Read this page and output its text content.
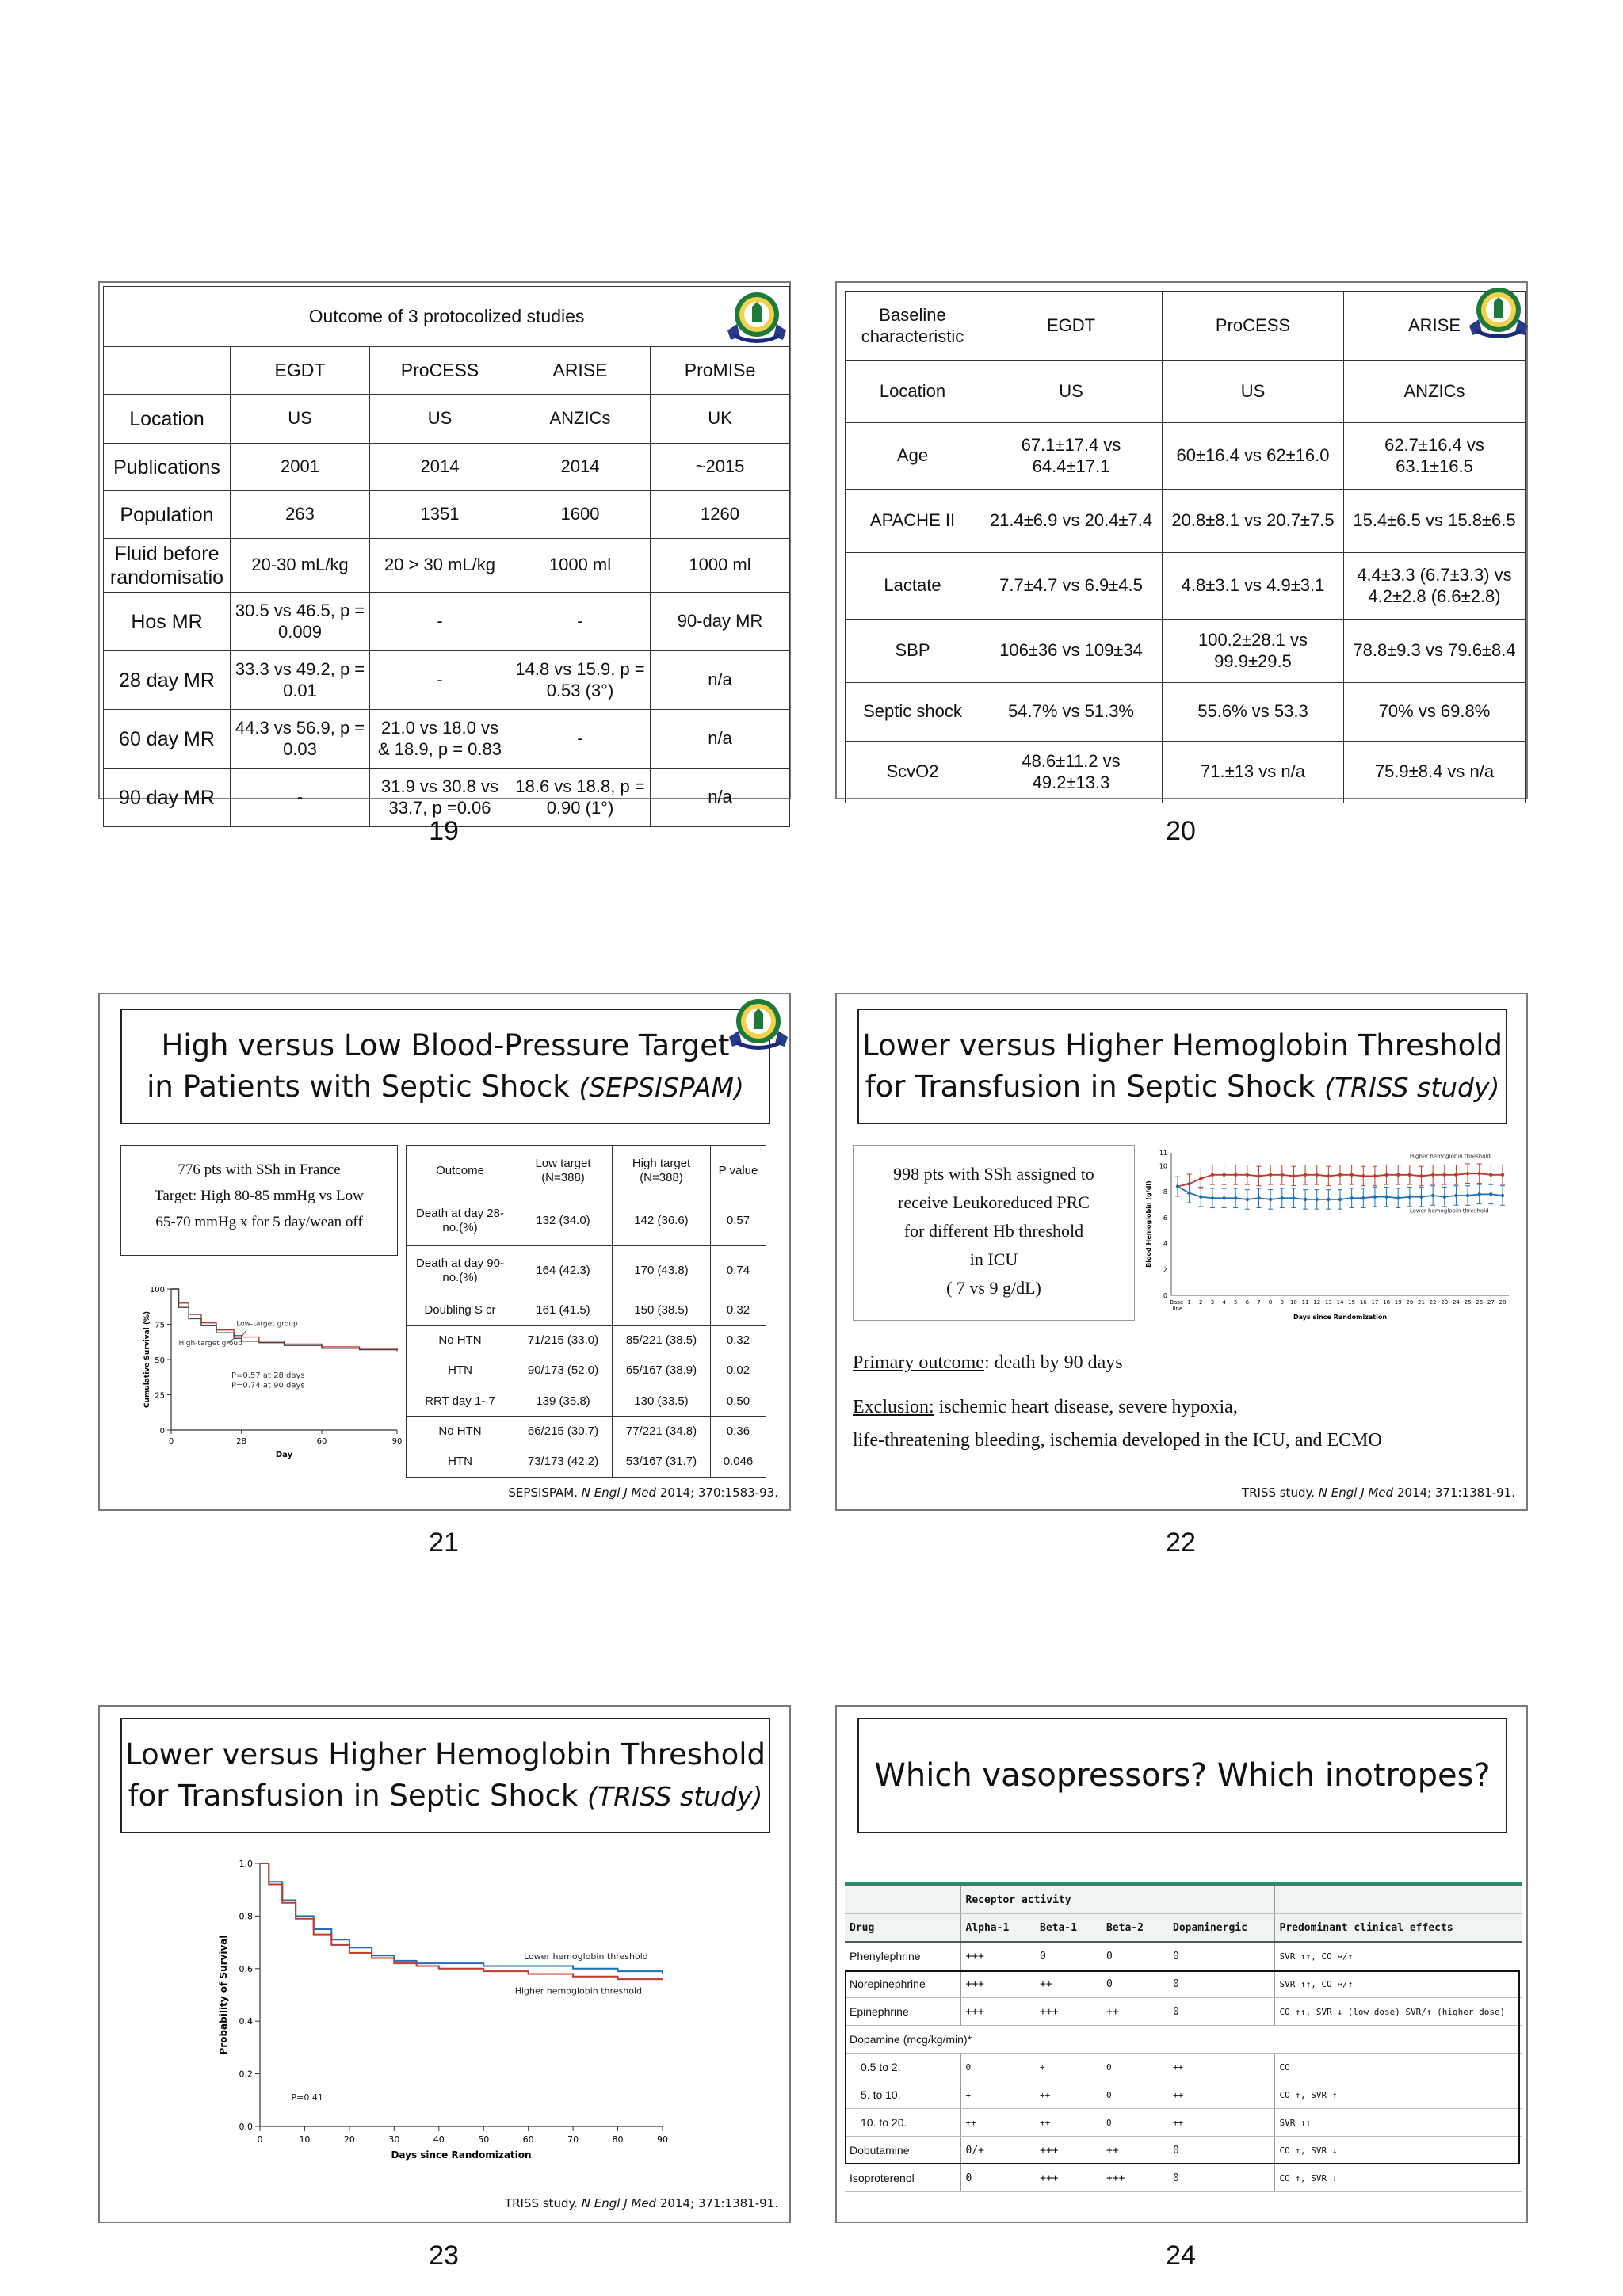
Outcome of 3 protocolized studies				
	EGDT	ProCESS	ARISE	ProMISe
Location	US	US	ANZICs	UK
Publications	2001	2014	2014	~2015
Population	263	1351	1600	1260
Fluid before randomisatio	20-30 mL/kg	20 > 30 mL/kg	1000 ml	1000 ml
Hos MR	30.5 vs 46.5, p = 0.009	-	-	90-day MR
28 day MR	33.3 vs 49.2, p = 0.01	-	14.8 vs 15.9, p = 0.53 (3°)	n/a
60 day MR	44.3 vs 56.9, p = 0.03	21.0 vs 18.0 vs & 18.9, p = 0.83	-	n/a
90 day MR	-	31.9 vs 30.8 vs 33.7, p =0.06	18.6 vs 18.8, p = 0.90 (1°)	n/a
19
Baseline characteristic	EGDT	ProCESS	ARISE
Location	US	US	ANZICs
Age	67.1±17.4 vs 64.4±17.1	60±16.4 vs 62±16.0	62.7±16.4 vs 63.1±16.5
APACHE II	21.4±6.9 vs 20.4±7.4	20.8±8.1 vs 20.7±7.5	15.4±6.5 vs 15.8±6.5
Lactate	7.7±4.7 vs 6.9±4.5	4.8±3.1 vs 4.9±3.1	4.4±3.3 (6.7±3.3) vs 4.2±2.8 (6.6±2.8)
SBP	106±36 vs 109±34	100.2±28.1 vs 99.9±29.5	78.8±9.3 vs 79.6±8.4
Septic shock	54.7% vs 51.3%	55.6% vs 53.3	70% vs 69.8%
ScvO2	48.6±11.2 vs 49.2±13.3	71.±13 vs n/a	75.9±8.4 vs n/a
20
High versus Low Blood-Pressure Target
in Patients with Septic Shock (SEPSISPAM)
776 pts with SSh in France
Target: High 80-85 mmHg vs Low
65-70 mmHg x for 5 day/wean off
0
25
50
75
100
0	28	60	90
Day
Cumulative Survival (%)	Low-target group
High-target group
P=0.57 at 28 days
P=0.74 at 90 days
Outcome	Low target (N=388)	High target (N=388)	P value
Death at day 28-no.(%)	132 (34.0)	142 (36.6)	0.57
Death at day 90-no.(%)	164 (42.3)	170 (43.8)	0.74
Doubling S cr	161 (41.5)	150 (38.5)	0.32
No HTN	71/215 (33.0)	85/221 (38.5)	0.32
HTN	90/173 (52.0)	65/167 (38.9)	0.02
RRT day 1- 7	139 (35.8)	130 (33.5)	0.50
No HTN	66/215 (30.7)	77/221 (34.8)	0.36
HTN	73/173 (42.2)	53/167 (31.7)	0.046
SEPSISPAM. N Engl J Med 2014; 370:1583-93.
21
Lower versus Higher Hemoglobin Threshold
for Transfusion in Septic Shock (TRISS study)
998 pts with SSh assigned to
receive Leukoreduced PRC
for different Hb threshold
in ICU
( 7 vs 9 g/dL)	0
2
4
6
8
10
11
Base- 1 2 3 4 5 6 7 8 9 10 11 12 13 14 15 16 17 18 19 20 21 22 23 24 25 26 27 28
line
Days since Randomization
Blood Hemoglobin (g/dl)
Higher hemoglobin threshold
Lower hemoglobin threshold
Primary outcome: death by 90 days
Exclusion: ischemic heart disease, severe hypoxia,
life-threatening bleeding, ischemia developed in the ICU, and ECMO
TRISS study. N Engl J Med 2014; 371:1381-91.
22
Lower versus Higher Hemoglobin Threshold
for Transfusion in Septic Shock (TRISS study)
0.0
0.2
0.4
0.6
0.8
1.0
0	10	20	30	40	50	60	70	80	90
Days since Randomization
Probability of Survival	Lower hemoglobin threshold
Higher hemoglobin threshold
P=0.41
TRISS study. N Engl J Med 2014; 371:1381-91.
23
Which vasopressors? Which inotropes?
	Receptor activity				
Drug	Alpha-1	Beta-1	Beta-2	Dopaminergic	Predominant clinical effects
Phenylephrine	+++	0	0	0	SVR ↑↑, CO ↔/↑
Norepinephrine	+++	++	0	0	SVR ↑↑, CO ↔/↑
Epinephrine	+++	+++	++	0	CO ↑↑, SVR ↓ (low dose) SVR/↑ (higher dose)
Dopamine (mcg/kg/min)*					
0.5 to 2.	0	+	0	++	CO
5. to 10.	+	++	0	++	CO ↑, SVR ↑
10. to 20.	++	++	0	++	SVR ↑↑
Dobutamine	0/+	+++	++	0	CO ↑, SVR ↓
Isoproterenol	0	+++	+++	0	CO ↑, SVR ↓
24
